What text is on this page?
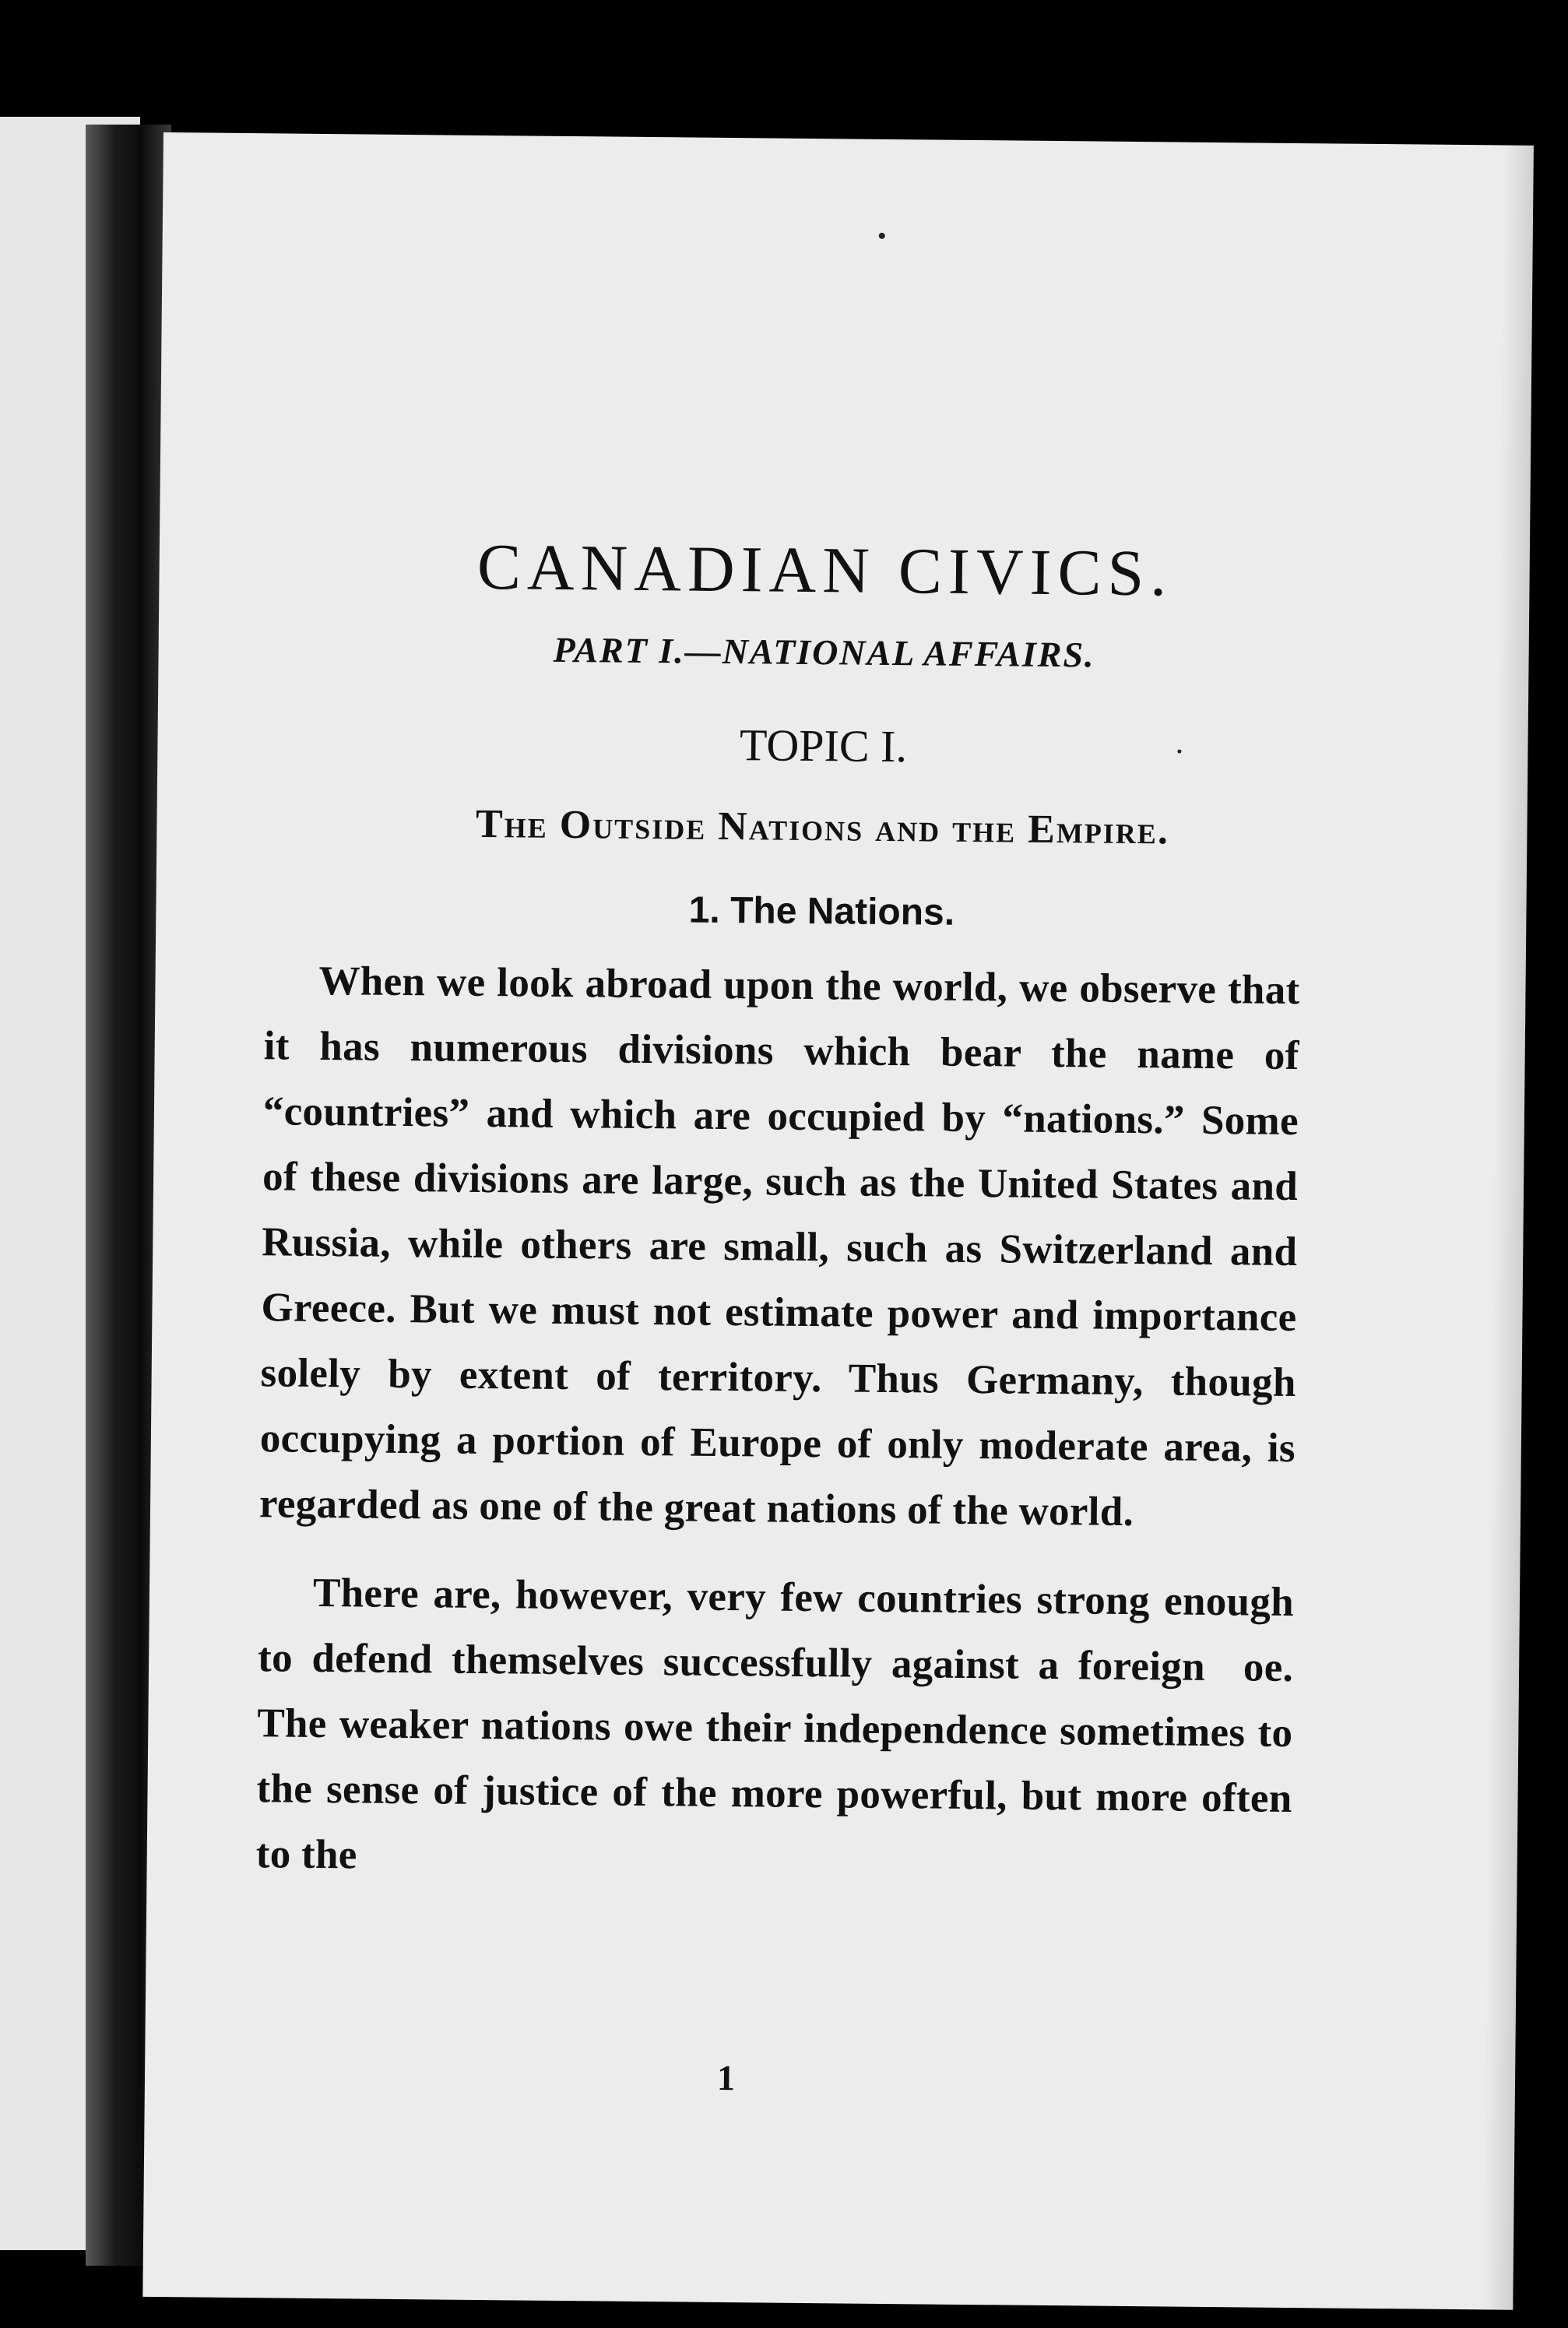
CANADIAN CIVICS.
PART I.—NATIONAL AFFAIRS.
TOPIC I.
The Outside Nations and the Empire.
1. The Nations.

When we look abroad upon the world, we observe that it has numerous divisions which bear the name of “countries” and which are occupied by “nations.” Some of these divisions are large, such as the United States and Russia, while others are small, such as Switzerland and Greece. But we must not estimate power and importance solely by extent of territory. Thus Germany, though occupying a portion of Europe of only moderate area, is regarded as one of the great nations of the world.

There are, however, very few countries strong enough to defend themselves successfully against a foreign  oe. The weaker nations owe their independence sometimes to the sense of justice of the more powerful, but more often to the

1
